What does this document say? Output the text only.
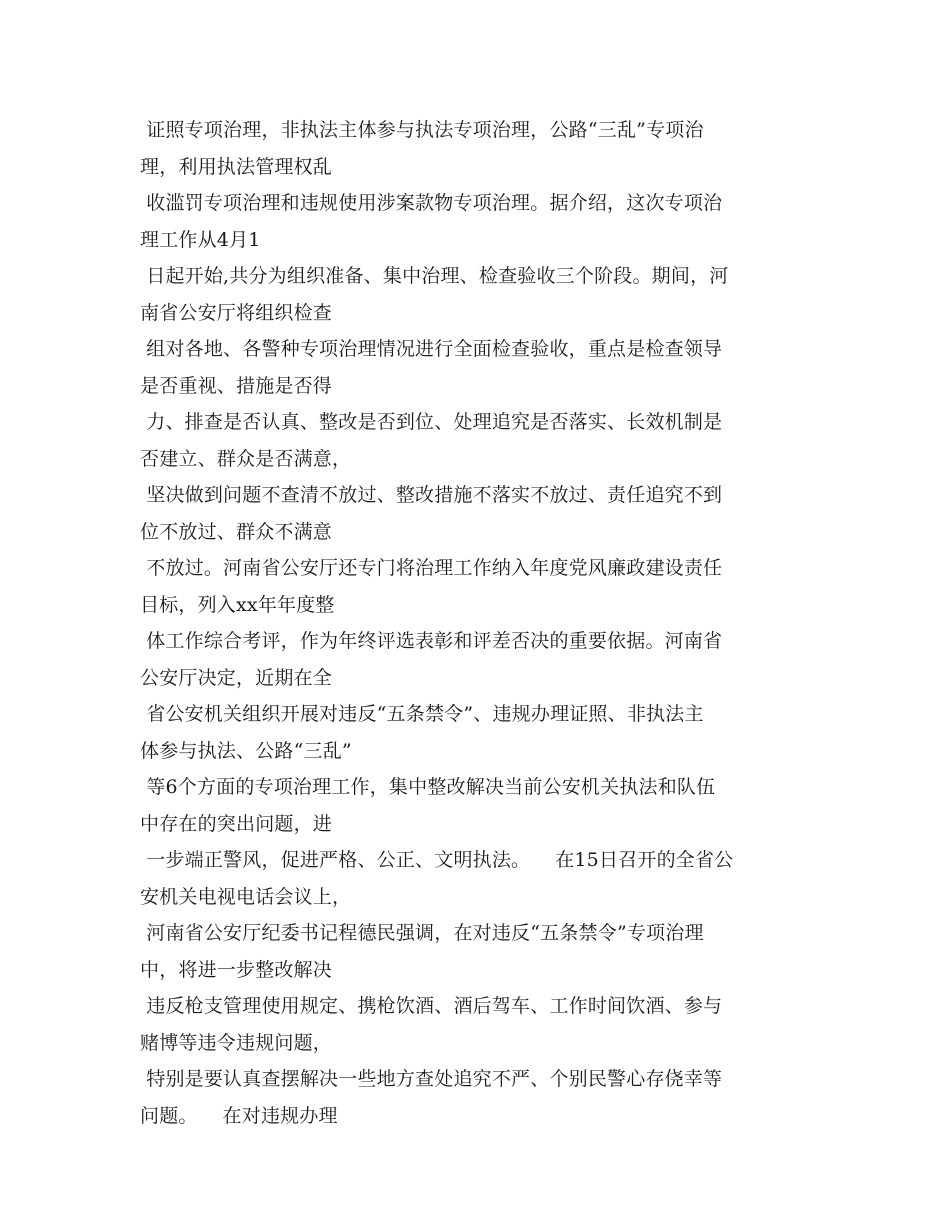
证照专项治理，非执法主体参与执法专项治理，公路“三乱”专项治
理，利用执法管理权乱
收滥罚专项治理和违规使用涉案款物专项治理。据介绍，这次专项治
理工作从4月1
日起开始,共分为组织准备、集中治理、检查验收三个阶段。期间，河
南省公安厅将组织检查
组对各地、各警种专项治理情况进行全面检查验收，重点是检查领导
是否重视、措施是否得
力、排查是否认真、整改是否到位、处理追究是否落实、长效机制是
否建立、群众是否满意，
坚决做到问题不查清不放过、整改措施不落实不放过、责任追究不到
位不放过、群众不满意
不放过。河南省公安厅还专门将治理工作纳入年度党风廉政建设责任
目标，列入xx年年度整
体工作综合考评，作为年终评选表彰和评差否决的重要依据。河南省
公安厅决定，近期在全
省公安机关组织开展对违反“五条禁令”、违规办理证照、非执法主
体参与执法、公路“三乱”
等6个方面的专项治理工作，集中整改解决当前公安机关执法和队伍
中存在的突出问题，进
一步端正警风，促进严格、公正、文明执法。    在15日召开的全省公
安机关电视电话会议上，
河南省公安厅纪委书记程德民强调，在对违反“五条禁令”专项治理
中，将进一步整改解决
违反枪支管理使用规定、携枪饮酒、酒后驾车、工作时间饮酒、参与
赌博等违令违规问题，
特别是要认真查摆解决一些地方查处追究不严、个别民警心存侥幸等
问题。    在对违规办理
